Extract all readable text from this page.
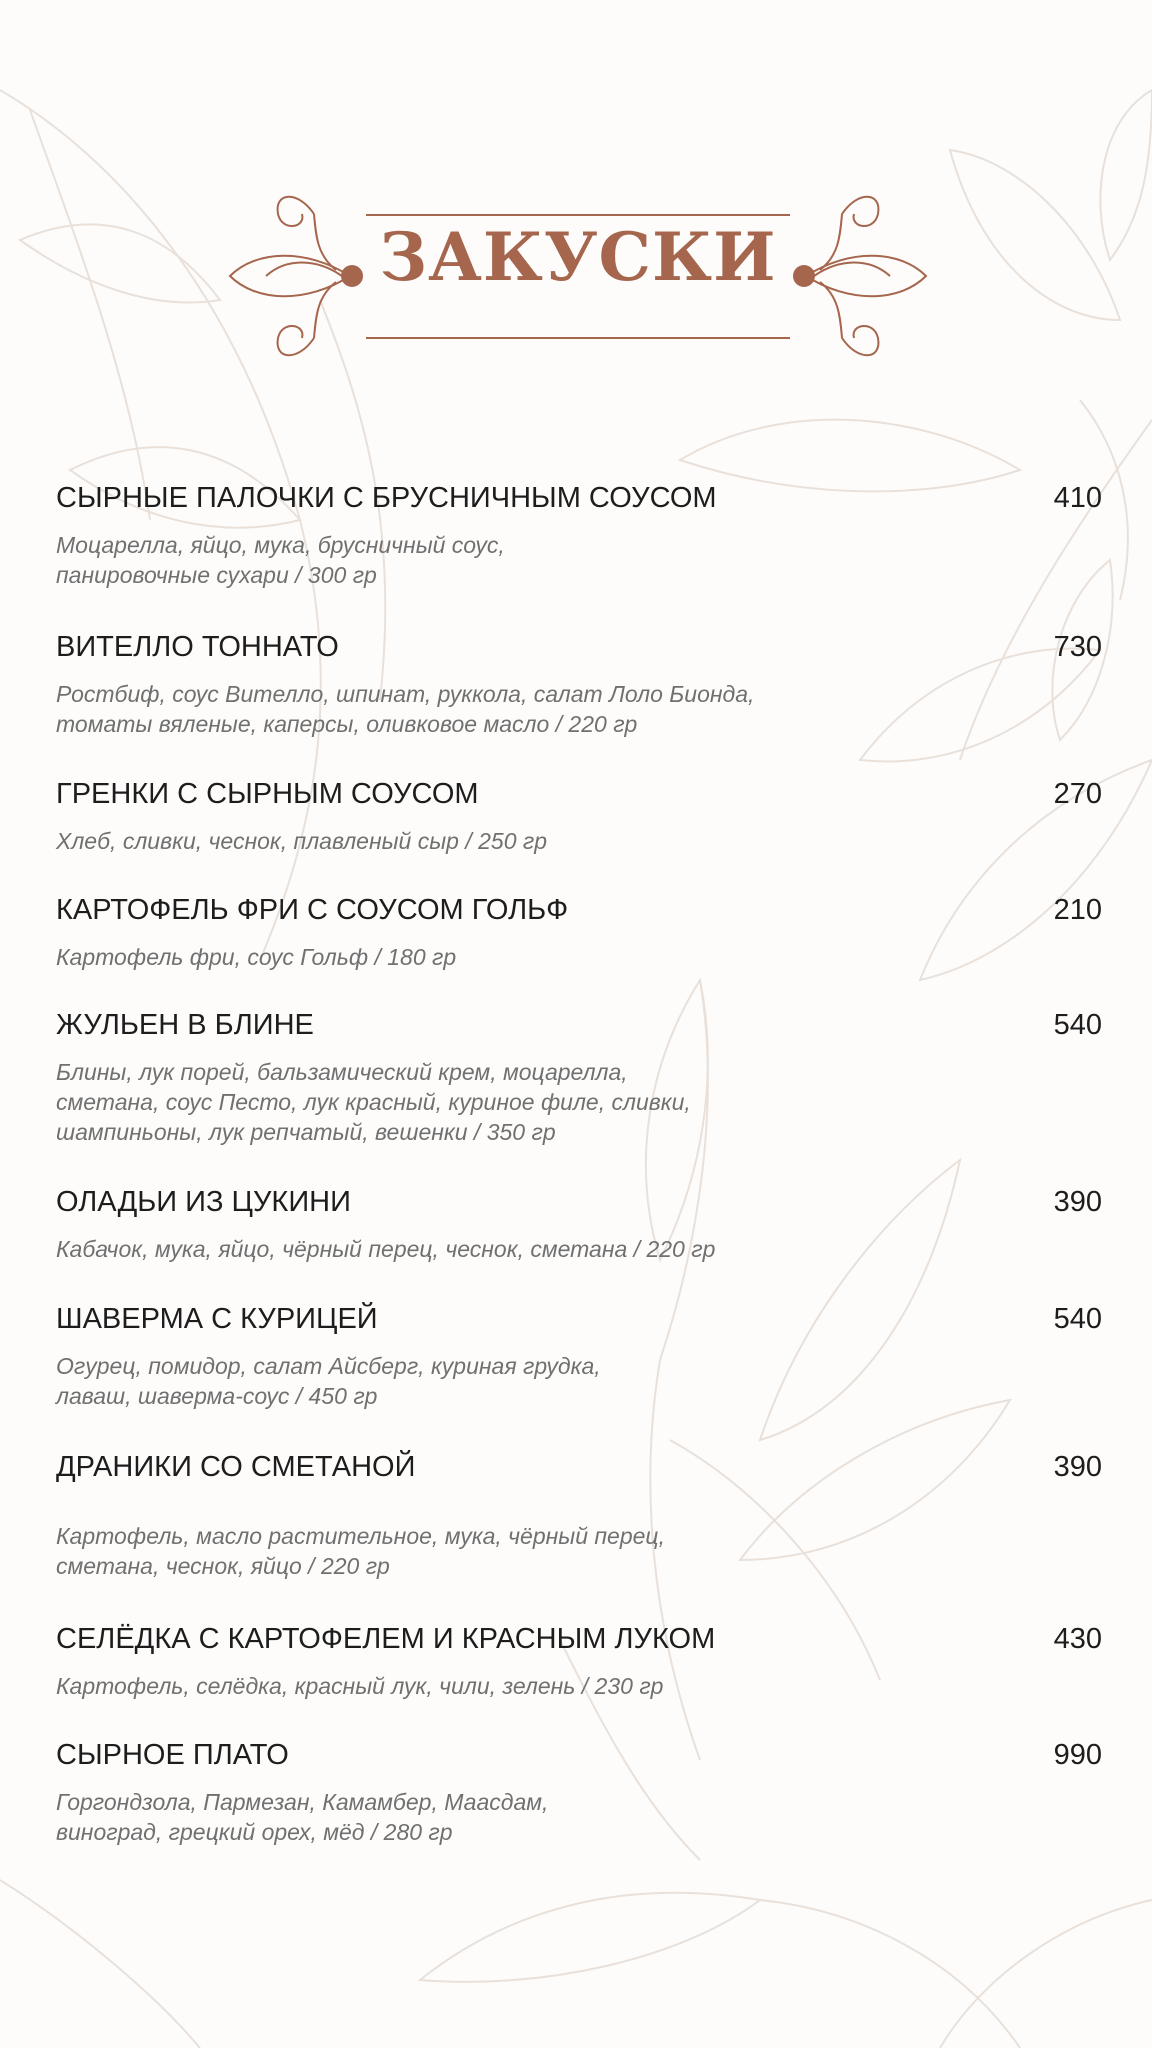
ЗАКУСКИ
СЫРНЫЕ ПАЛОЧКИ С БРУСНИЧНЫМ СОУСОМ	410
Моцарелла, яйцо, мука, брусничный соус,
панировочные сухари / 300 гр
ВИТЕЛЛО ТОННАТО	730
Ростбиф, соус Вителло, шпинат, руккола, салат Лоло Бионда,
томаты вяленые, каперсы, оливковое масло / 220 гр
ГРЕНКИ С СЫРНЫМ СОУСОМ	270
Хлеб, сливки, чеснок, плавленый сыр / 250 гр
КАРТОФЕЛЬ ФРИ С СОУСОМ ГОЛЬФ	210
Картофель фри, соус Гольф / 180 гр
ЖУЛЬЕН В БЛИНЕ	540
Блины, лук порей, бальзамический крем, моцарелла,
сметана, соус Песто, лук красный, куриное филе, сливки,
шампиньоны, лук репчатый, вешенки / 350 гр
ОЛАДЬИ ИЗ ЦУКИНИ	390
Кабачок, мука, яйцо, чёрный перец, чеснок, сметана / 220 гр
ШАВЕРМА С КУРИЦЕЙ	540
Огурец, помидор, салат Айсберг, куриная грудка,
лаваш, шаверма-соус / 450 гр
ДРАНИКИ СО СМЕТАНОЙ	390
Картофель, масло растительное, мука, чёрный перец,
сметана, чеснок, яйцо / 220 гр
СЕЛЁДКА С КАРТОФЕЛЕМ И КРАСНЫМ ЛУКОМ	430
Картофель, селёдка, красный лук, чили, зелень / 230 гр
СЫРНОЕ ПЛАТО	990
Горгондзола, Пармезан, Камамбер, Маасдам,
виноград, грецкий орех, мёд / 280 гр
